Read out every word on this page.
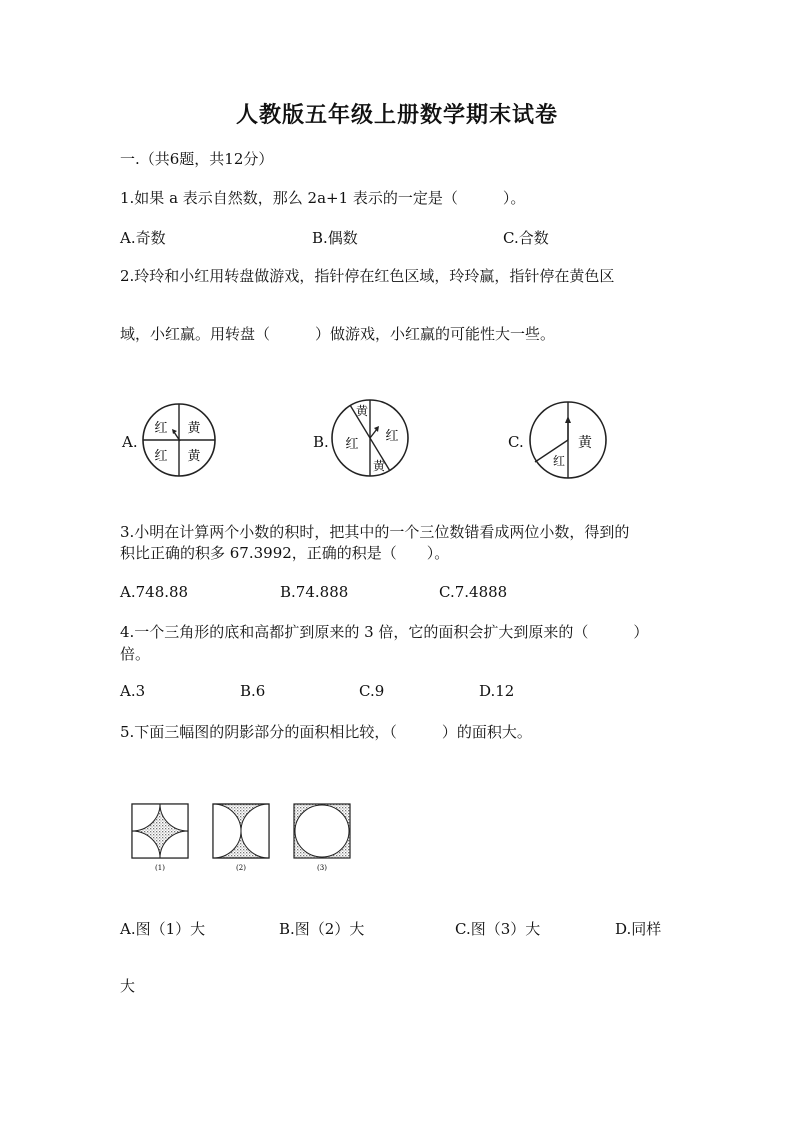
人教版五年级上册数学期末试卷
一.（共6题，共12分）
1.如果 a 表示自然数，那么 2a+1 表示的一定是（　　　）。
A.奇数	B.偶数	C.合数
2.玲玲和小红用转盘做游戏，指针停在红色区域，玲玲赢，指针停在黄色区
域，小红赢。用转盘（　　　）做游戏，小红赢的可能性大一些。
A.	B.	C.
红 黄
红 黄
黄
红
红
黄
黄
红
3.小明在计算两个小数的积时，把其中的一个三位数错看成两位小数，得到的
积比正确的积多 67.3992，正确的积是（　　）。
A.748.88	B.74.888	C.7.4888
4.一个三角形的底和高都扩到原来的 3 倍，它的面积会扩大到原来的（　　　）
倍。
A.3	B.6	C.9	D.12
5.下面三幅图的阴影部分的面积相比较，（　　　）的面积大。
(1)	(2)	(3)
A.图（1）大	B.图（2）大	C.图（3）大	D.同样
大
